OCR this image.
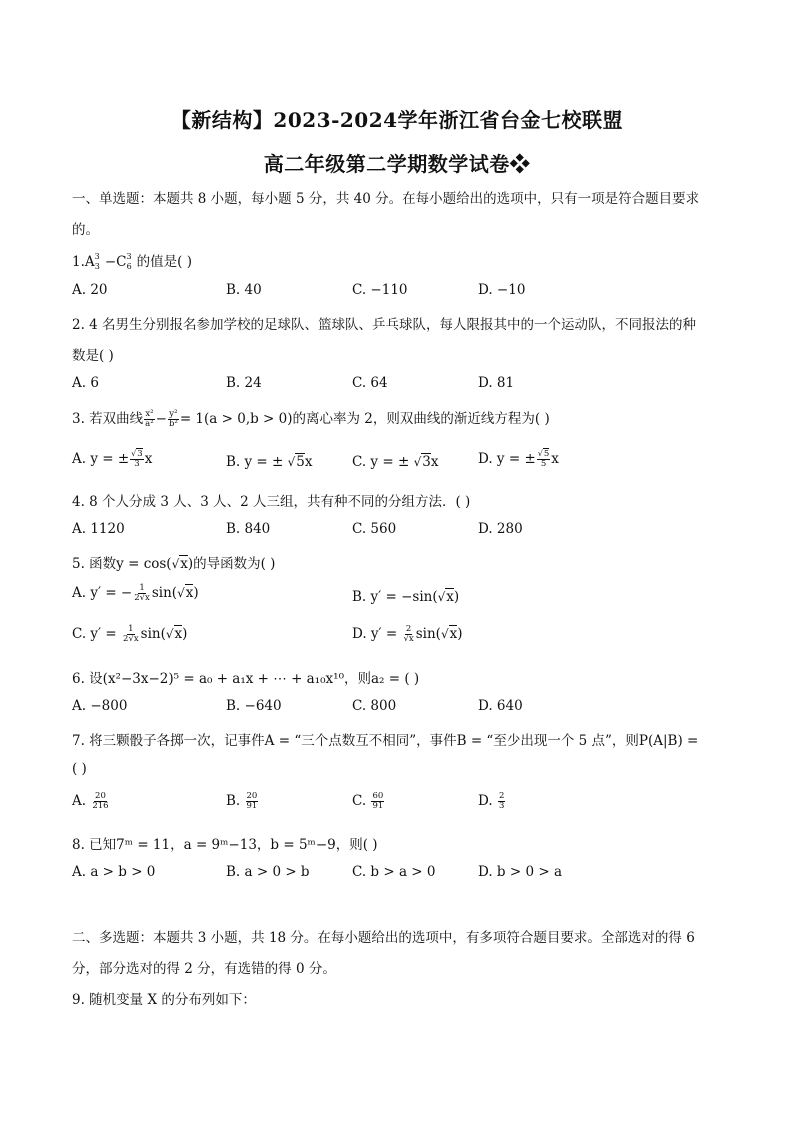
【新结构】2023-2024学年浙江省台金七校联盟
高二年级第二学期数学试卷❖
一、单选题：本题共 8 小题，每小题 5 分，共 40 分。在每小题给出的选项中，只有一项是符合题目要求
的。
$1.A^3_3 -C^3_6$ 的值是( )
A. 20	B. 40	C. −110	D. −10
2. 4 名男生分别报名参加学校的足球队、篮球队、乒乓球队，每人限报其中的一个运动队，不同报法的种
数是( )
A. 6	B. 24	C. 64	D. 81
3. 若双曲线 $\frac{\text{x²}}{\text{a²}} - \frac{\text{y²}}{\text{b²}} = 1(a > 0,b > 0)$的离心率为 2，则双曲线的渐近线方程为( )
A. y = ± $\frac{√3}{3}$ x	B. y = ± √5x	C. y = ± √3x	D. y = ± $\frac{√5}{5}$ x
4. 8 个人分成 3 人、3 人、2 人三组，共有种不同的分组方法．( )
A. 1120	B. 840	C. 560	D. 280
5. 函数y = cos(√x)的导函数为( )
A. y′ = − $\frac{1}{2√x} \sin(√x)$	B. y′ = −sin(√x)
C. $y' = \frac{1}{2√x} \sin(√x)$	D. $y' = \frac{2}{√x} \sin(√x)$
6. 设(x²−3x−2)⁵ = a₀ + a₁x + ⋯ + a₁₀x¹⁰，则a₂ = ( )
A. −800	B. −640	C. 800	D. 640
7. 将三颗骰子各掷一次，记事件A = “三个点数互不相同”，事件B = “至少出现一个 5 点”，则P(A|B) =
( )
A. $\frac{20}{216}$	B. $\frac{20}{91}$	C. $\frac{60}{91}$	D. $\frac{2}{3}$
8. 已知7ᵐ = 11，a = 9ᵐ−13，b = 5ᵐ−9，则( )
A. a > b > 0	B. a > 0 > b	C. b > a > 0	D. b > 0 > a
二、多选题：本题共 3 小题，共 18 分。在每小题给出的选项中，有多项符合题目要求。全部选对的得 6
分，部分选对的得 2 分，有选错的得 0 分。
9. 随机变量 X 的分布列如下：
